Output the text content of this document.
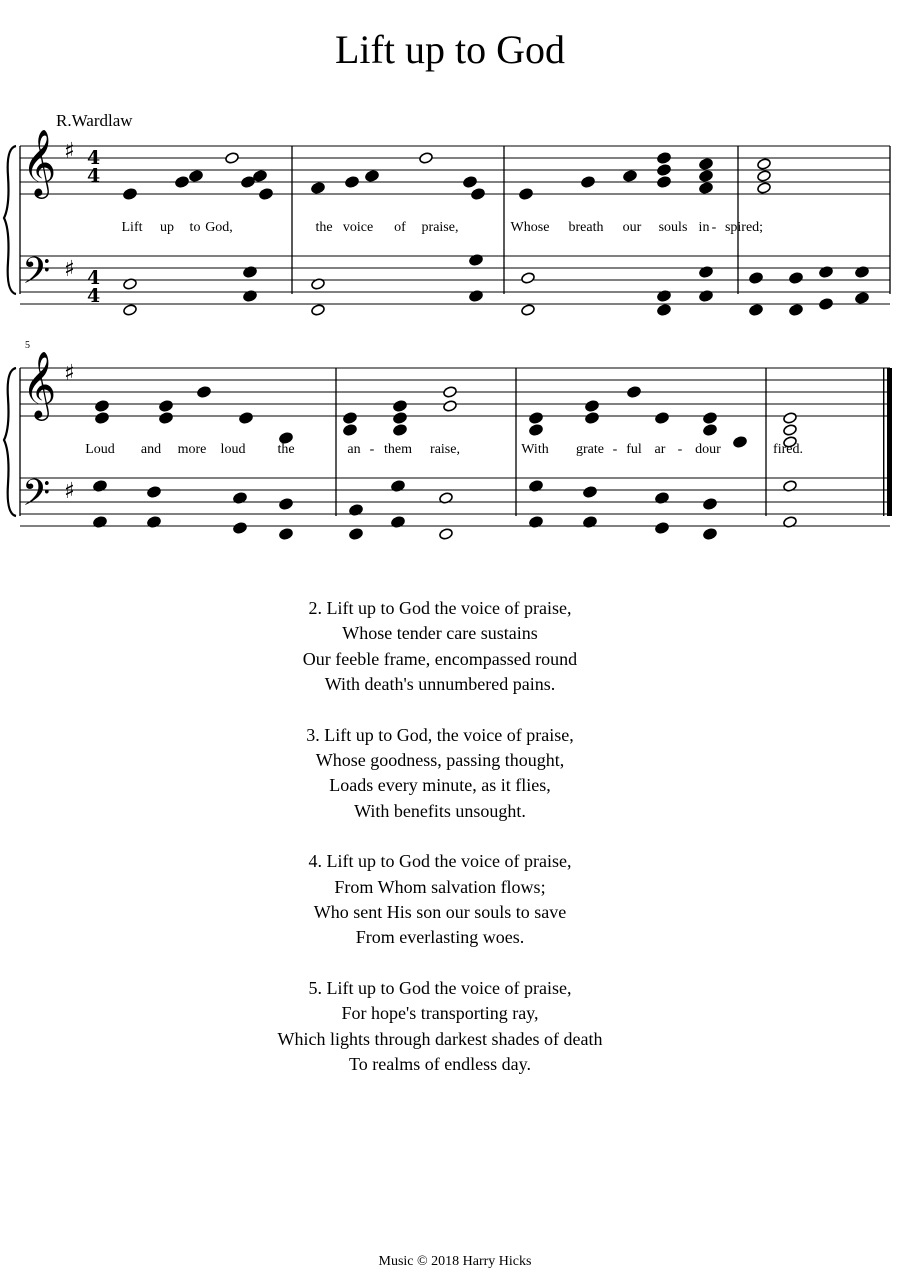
Lift up to God
R.Wardlaw
5
𝄞
𝄢
𝄞
𝄢
♯
♯
♯
♯
4
4
4
4
Lift up to God,	the voice of praise,	Whose breath our souls in - spired;
Loud and more loud the	an - them raise,	With grate - ful ar - dour	fired.
2. Lift up to God the voice of praise,
Whose tender care sustains
Our feeble frame, encompassed round
With death's unnumbered pains.
3. Lift up to God, the voice of praise,
Whose goodness, passing thought,
Loads every minute, as it flies,
With benefits unsought.
4. Lift up to God the voice of praise,
From Whom salvation flows;
Who sent His son our souls to save
From everlasting woes.
5. Lift up to God the voice of praise,
For hope's transporting ray,
Which lights through darkest shades of death
To realms of endless day.
Music © 2018 Harry Hicks
